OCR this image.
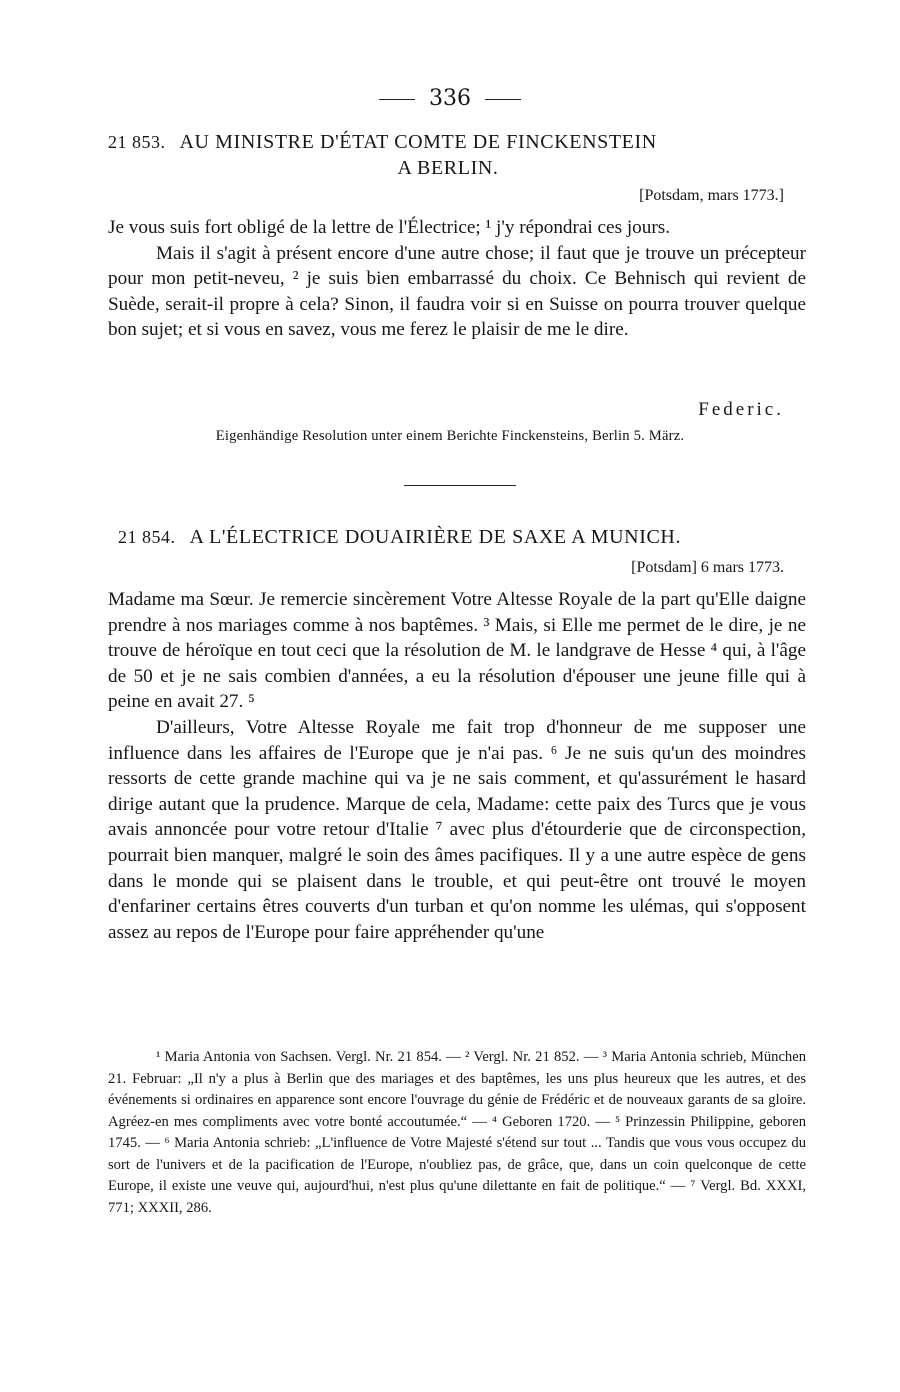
336
21 853. AU MINISTRE D'ÉTAT COMTE DE FINCKENSTEIN
A BERLIN.
[Potsdam, mars 1773.]

Je vous suis fort obligé de la lettre de l'Électrice; ¹ j'y répondrai ces jours.

Mais il s'agit à présent encore d'une autre chose; il faut que je trouve un précepteur pour mon petit-neveu, ² je suis bien embarrassé du choix. Ce Behnisch qui revient de Suède, serait-il propre à cela? Sinon, il faudra voir si en Suisse on pourra trouver quelque bon sujet; et si vous en savez, vous me ferez le plaisir de me le dire.

Federic.
Eigenhändige Resolution unter einem Berichte Finckensteins, Berlin 5. März.
21 854. A L'ÉLECTRICE DOUAIRIÈRE DE SAXE A MUNICH.
[Potsdam] 6 mars 1773.

Madame ma Sœur. Je remercie sincèrement Votre Altesse Royale de la part qu'Elle daigne prendre à nos mariages comme à nos baptêmes. ³ Mais, si Elle me permet de le dire, je ne trouve de héroïque en tout ceci que la résolution de M. le landgrave de Hesse ⁴ qui, à l'âge de 50 et je ne sais combien d'années, a eu la résolution d'épouser une jeune fille qui à peine en avait 27. ⁵

D'ailleurs, Votre Altesse Royale me fait trop d'honneur de me supposer une influence dans les affaires de l'Europe que je n'ai pas. ⁶ Je ne suis qu'un des moindres ressorts de cette grande machine qui va je ne sais comment, et qu'assurément le hasard dirige autant que la prudence. Marque de cela, Madame: cette paix des Turcs que je vous avais annoncée pour votre retour d'Italie ⁷ avec plus d'étourderie que de circonspection, pourrait bien manquer, malgré le soin des âmes pacifiques. Il y a une autre espèce de gens dans le monde qui se plaisent dans le trouble, et qui peut-être ont trouvé le moyen d'enfariner certains êtres couverts d'un turban et qu'on nomme les ulémas, qui s'opposent assez au repos de l'Europe pour faire appréhender qu'une

¹ Maria Antonia von Sachsen. Vergl. Nr. 21 854. — ² Vergl. Nr. 21 852. — ³ Maria Antonia schrieb, München 21. Februar: „Il n'y a plus à Berlin que des mariages et des baptêmes, les uns plus heureux que les autres, et des événements si ordinaires en apparence sont encore l'ouvrage du génie de Frédéric et de nouveaux garants de sa gloire. Agréez-en mes compliments avec votre bonté accoutumée.“ — ⁴ Geboren 1720. — ⁵ Prinzessin Philippine, geboren 1745. — ⁶ Maria Antonia schrieb: „L'influence de Votre Majesté s'étend sur tout ... Tandis que vous vous occupez du sort de l'univers et de la pacification de l'Europe, n'oubliez pas, de grâce, que, dans un coin quelconque de cette Europe, il existe une veuve qui, aujourd'hui, n'est plus qu'une dilettante en fait de politique.“ — ⁷ Vergl. Bd. XXXI, 771; XXXII, 286.
